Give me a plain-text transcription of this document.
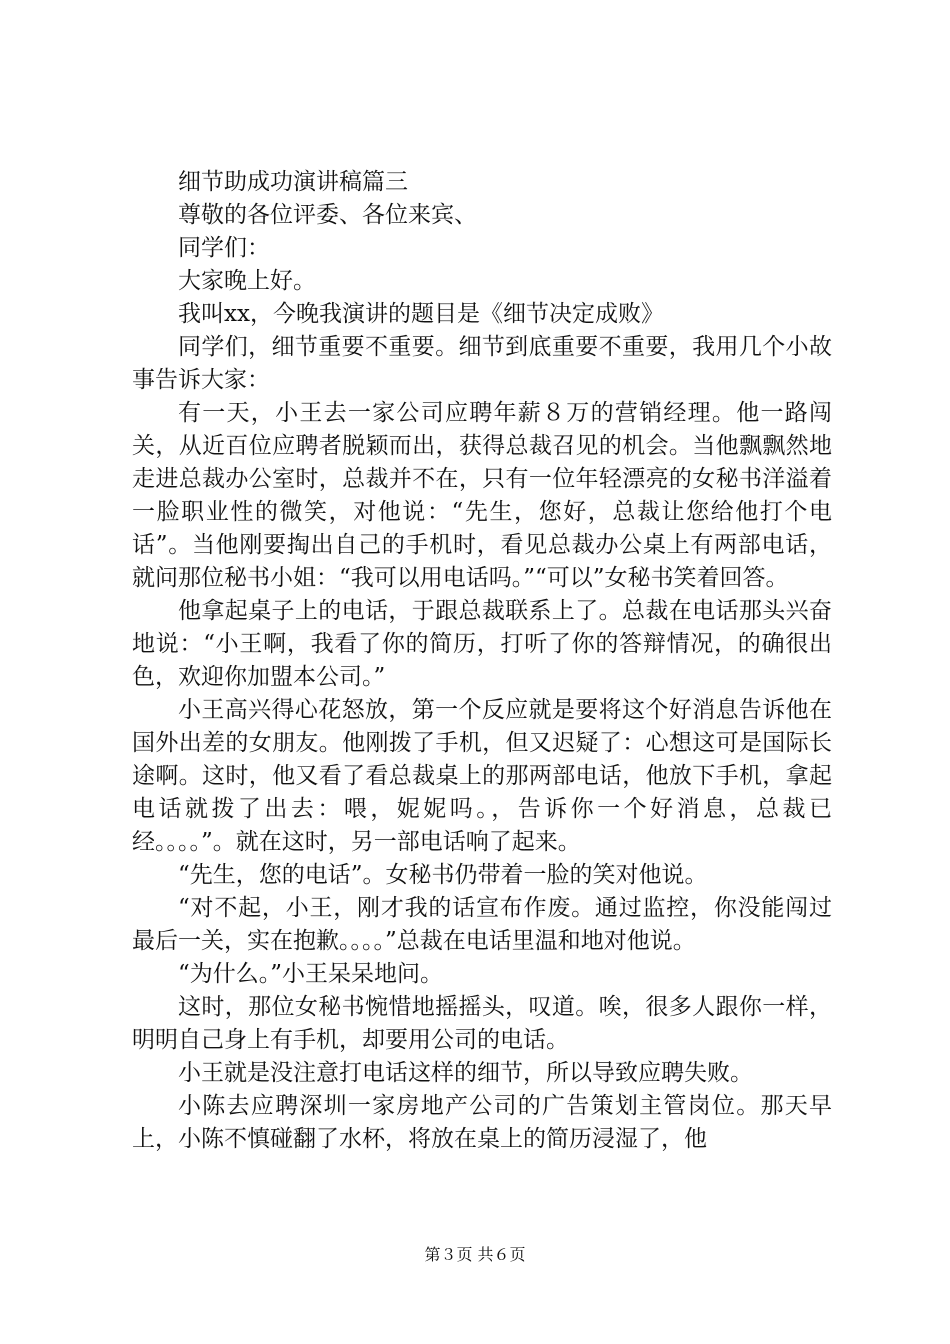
细节助成功演讲稿篇三
尊敬的各位评委、各位来宾、
同学们：
大家晚上好。
我叫xx，今晚我演讲的题目是《细节决定成败》

同学们，细节重要不重要。细节到底重要不重要，我用几个小故事告诉大家：

有一天，小王去一家公司应聘年薪８万的营销经理。他一路闯关，从近百位应聘者脱颖而出，获得总裁召见的机会。当他飘飘然地走进总裁办公室时，总裁并不在，只有一位年轻漂亮的女秘书洋溢着一脸职业性的微笑，对他说：“先生，您好，总裁让您给他打个电话”。当他刚要掏出自己的手机时，看见总裁办公桌上有两部电话，就问那位秘书小姐：“我可以用电话吗。”“可以”女秘书笑着回答。

他拿起桌子上的电话，于跟总裁联系上了。总裁在电话那头兴奋地说：“小王啊，我看了你的简历，打听了你的答辩情况，的确很出色，欢迎你加盟本公司。”

小王高兴得心花怒放，第一个反应就是要将这个好消息告诉他在国外出差的女朋友。他刚拨了手机，但又迟疑了：心想这可是国际长途啊。这时，他又看了看总裁桌上的那两部电话，他放下手机，拿起电话就拨了出去：喂，妮妮吗。，告诉你一个好消息，总裁已经。。。。”。就在这时，另一部电话响了起来。

“先生，您的电话”。女秘书仍带着一脸的笑对他说。

“对不起，小王，刚才我的话宣布作废。通过监控，你没能闯过最后一关，实在抱歉。。。。”总裁在电话里温和地对他说。

“为什么。”小王呆呆地问。

这时，那位女秘书惋惜地摇摇头，叹道。唉，很多人跟你一样，明明自己身上有手机，却要用公司的电话。

小王就是没注意打电话这样的细节，所以导致应聘失败。

小陈去应聘深圳一家房地产公司的广告策划主管岗位。那天早上，小陈不慎碰翻了水杯，将放在桌上的简历浸湿了，他

第３页 共６页
